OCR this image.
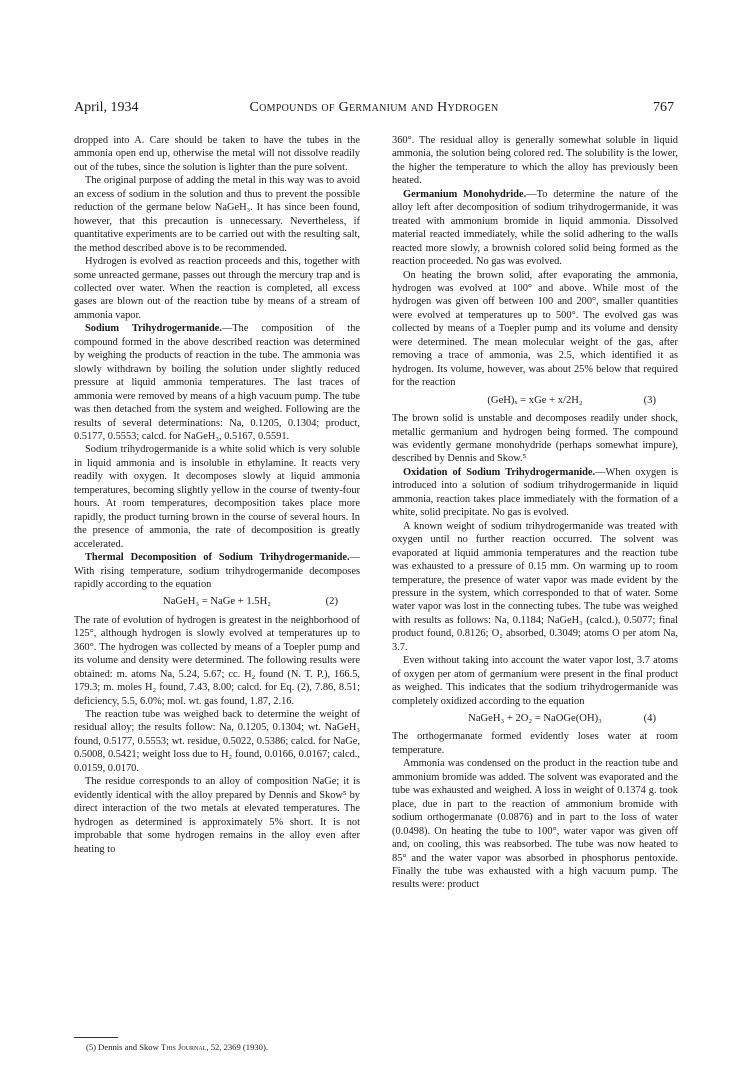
April, 1934	Compounds of Germanium and Hydrogen	767

dropped into A. Care should be taken to have the tubes in the ammonia open end up, otherwise the metal will not dissolve readily out of the tubes, since the solution is lighter than the pure solvent.

The original purpose of adding the metal in this way was to avoid an excess of sodium in the solution and thus to prevent the possible reduction of the germane below NaGeH₃. It has since been found, however, that this precaution is unnecessary. Nevertheless, if quantitative experiments are to be carried out with the resulting salt, the method described above is to be recommended.

Hydrogen is evolved as reaction proceeds and this, together with some unreacted germane, passes out through the mercury trap and is collected over water. When the reaction is completed, all excess gases are blown out of the reaction tube by means of a stream of ammonia vapor.

Sodium Trihydrogermanide.—The composition of the compound formed in the above described reaction was determined by weighing the products of reaction in the tube. The ammonia was slowly withdrawn by boiling the solution under slightly reduced pressure at liquid ammonia temperatures. The last traces of ammonia were removed by means of a high vacuum pump. The tube was then detached from the system and weighed. Following are the results of several determinations: Na, 0.1205, 0.1304; product, 0.5177, 0.5553; calcd. for NaGeH₃, 0.5167, 0.5591.

Sodium trihydrogermanide is a white solid which is very soluble in liquid ammonia and is insoluble in ethylamine. It reacts very readily with oxygen. It decomposes slowly at liquid ammonia temperatures, becoming slightly yellow in the course of twenty-four hours. At room temperatures, decomposition takes place more rapidly, the product turning brown in the course of several hours. In the presence of ammonia, the rate of decomposition is greatly accelerated.

Thermal Decomposition of Sodium Trihydrogermanide.—With rising temperature, sodium trihydrogermanide decomposes rapidly according to the equation

NaGeH₃ = NaGe + 1.5H₂	(2)

The rate of evolution of hydrogen is greatest in the neighborhood of 125°, although hydrogen is slowly evolved at temperatures up to 360°. The hydrogen was collected by means of a Toepler pump and its volume and density were determined. The following results were obtained: m. atoms Na, 5.24, 5.67; cc. H₂ found (N. T. P.), 166.5, 179.3; m. moles H₂ found, 7.43, 8.00; calcd. for Eq. (2), 7.86, 8.51; deficiency, 5.5, 6.0%; mol. wt. gas found, 1.87, 2.16.

The reaction tube was weighed back to determine the weight of residual alloy; the results follow: Na, 0.1205, 0.1304; wt. NaGeH₃ found, 0.5177, 0.5553; wt. residue, 0.5022, 0.5386; calcd. for NaGe, 0.5008, 0.5421; weight loss due to H₂ found, 0.0166, 0.0167; calcd., 0.0159, 0.0170.

The residue corresponds to an alloy of composition NaGe; it is evidently identical with the alloy prepared by Dennis and Skow⁵ by direct interaction of the two metals at elevated temperatures. The hydrogen as determined is approximately 5% short. It is not improbable that some hydrogen remains in the alloy even after heating to

360°. The residual alloy is generally somewhat soluble in liquid ammonia, the solution being colored red. The solubility is the lower, the higher the temperature to which the alloy has previously been heated.

Germanium Monohydride.—To determine the nature of the alloy left after decomposition of sodium trihydrogermanide, it was treated with ammonium bromide in liquid ammonia. Dissolved material reacted immediately, while the solid adhering to the walls reacted more slowly, a brownish colored solid being formed as the reaction proceeded. No gas was evolved.

On heating the brown solid, after evaporating the ammonia, hydrogen was evolved at 100° and above. While most of the hydrogen was given off between 100 and 200°, smaller quantities were evolved at temperatures up to 500°. The evolved gas was collected by means of a Toepler pump and its volume and density were determined. The mean molecular weight of the gas, after removing a trace of ammonia, was 2.5, which identified it as hydrogen. Its volume, however, was about 25% below that required for the reaction

(GeH)ₓ = xGe + x/2H₂	(3)

The brown solid is unstable and decomposes readily under shock, metallic germanium and hydrogen being formed. The compound was evidently germane monohydride (perhaps somewhat impure), described by Dennis and Skow.⁵

Oxidation of Sodium Trihydrogermanide.—When oxygen is introduced into a solution of sodium trihydrogermanide in liquid ammonia, reaction takes place immediately with the formation of a white, solid precipitate. No gas is evolved.

A known weight of sodium trihydrogermanide was treated with oxygen until no further reaction occurred. The solvent was evaporated at liquid ammonia temperatures and the reaction tube was exhausted to a pressure of 0.15 mm. On warming up to room temperature, the presence of water vapor was made evident by the pressure in the system, which corresponded to that of water. Some water vapor was lost in the connecting tubes. The tube was weighed with results as follows: Na, 0.1184; NaGeH₃ (calcd.), 0.5077; final product found, 0.8126; O₂ absorbed, 0.3049; atoms O per atom Na, 3.7.

Even without taking into account the water vapor lost, 3.7 atoms of oxygen per atom of germanium were present in the final product as weighed. This indicates that the sodium trihydrogermanide was completely oxidized according to the equation

NaGeH₃ + 2O₂ = NaOGe(OH)₃	(4)

The orthogermanate formed evidently loses water at room temperature.

Ammonia was condensed on the product in the reaction tube and ammonium bromide was added. The solvent was evaporated and the tube was exhausted and weighed. A loss in weight of 0.1374 g. took place, due in part to the reaction of ammonium bromide with sodium orthogermanate (0.0876) and in part to the loss of water (0.0498). On heating the tube to 100°, water vapor was given off and, on cooling, this was reabsorbed. The tube was now heated to 85° and the water vapor was absorbed in phosphorus pentoxide. Finally the tube was exhausted with a high vacuum pump. The results were: product

(5) Dennis and Skow This Journal, 52, 2369 (1930).
